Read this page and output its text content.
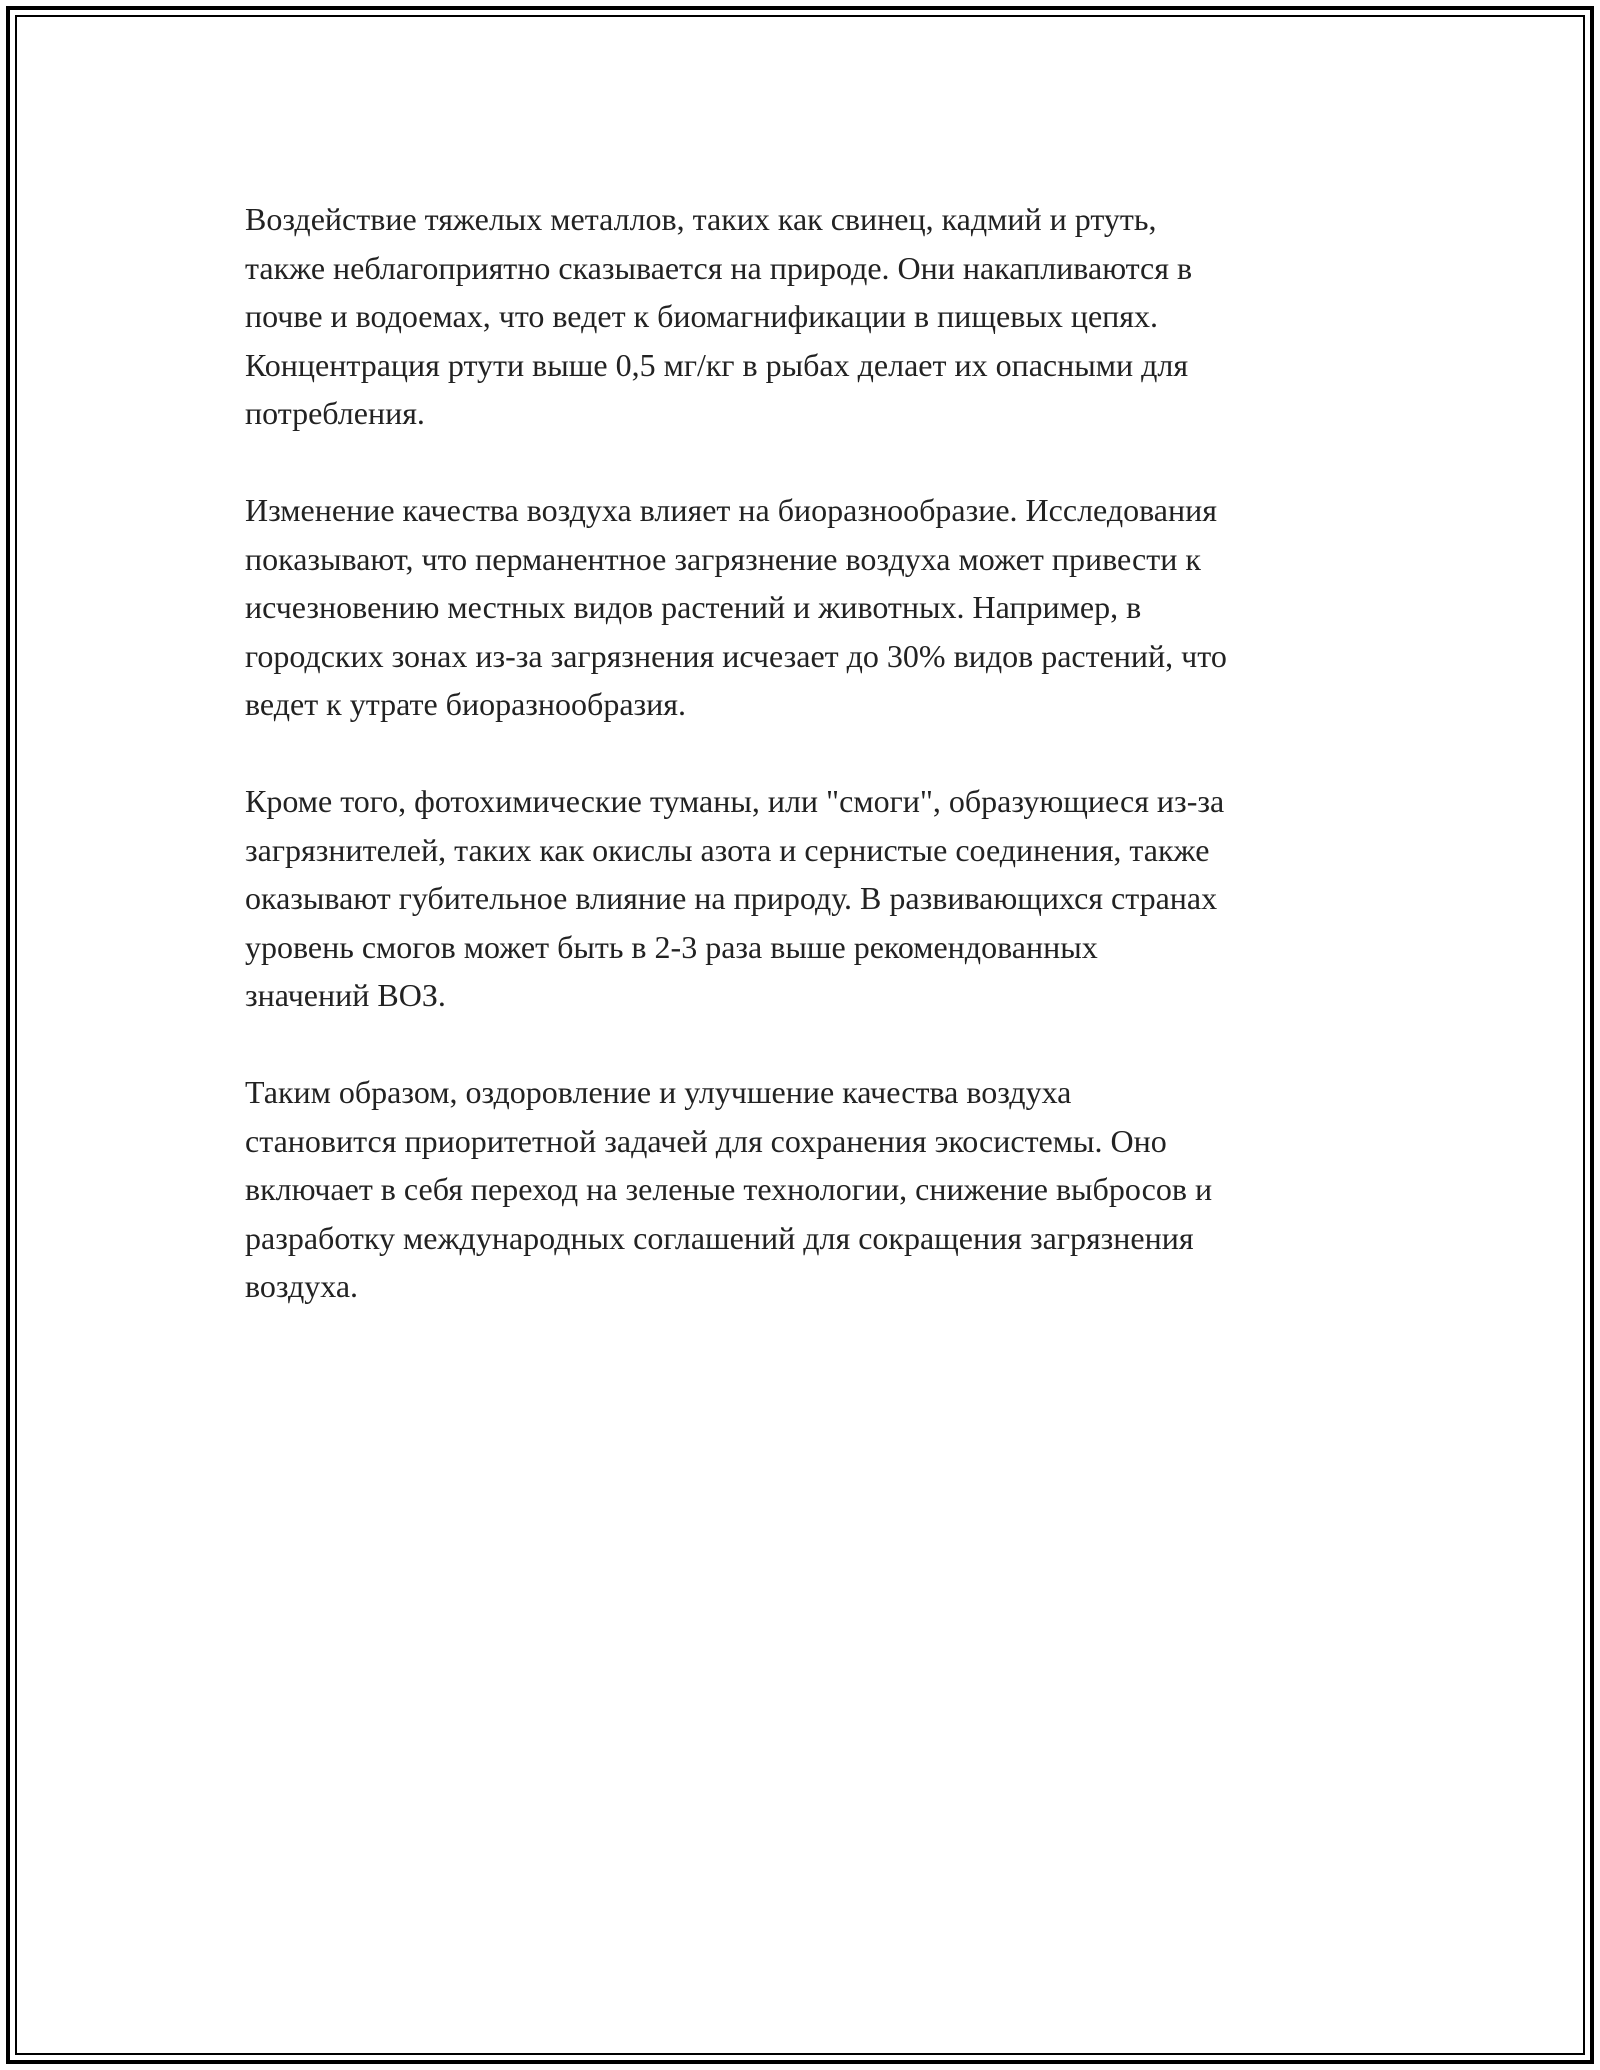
Воздействие тяжелых металлов, таких как свинец, кадмий и ртуть,
также неблагоприятно сказывается на природе. Они накапливаются в
почве и водоемах, что ведет к биомагнификации в пищевых цепях.
Концентрация ртути выше 0,5 мг/кг в рыбах делает их опасными для
потребления.

Изменение качества воздуха влияет на биоразнообразие. Исследования
показывают, что перманентное загрязнение воздуха может привести к
исчезновению местных видов растений и животных. Например, в
городских зонах из-за загрязнения исчезает до 30% видов растений, что
ведет к утрате биоразнообразия.

Кроме того, фотохимические туманы, или "смоги", образующиеся из-за
загрязнителей, таких как окислы азота и сернистые соединения, также
оказывают губительное влияние на природу. В развивающихся странах
уровень смогов может быть в 2-3 раза выше рекомендованных
значений ВОЗ.

Таким образом, оздоровление и улучшение качества воздуха
становится приоритетной задачей для сохранения экосистемы. Оно
включает в себя переход на зеленые технологии, снижение выбросов и
разработку международных соглашений для сокращения загрязнения
воздуха.
